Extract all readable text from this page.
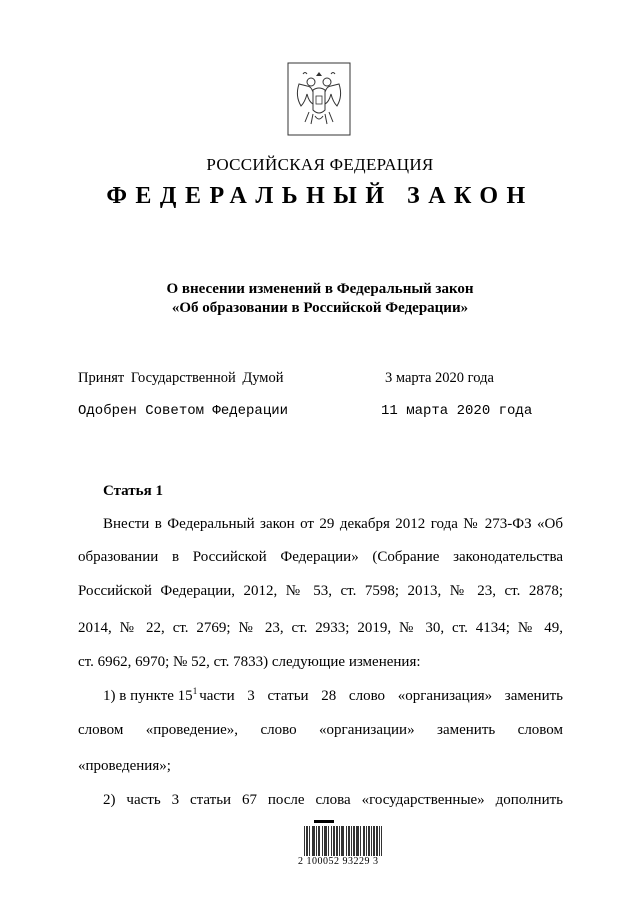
РОССИЙСКАЯ ФЕДЕРАЦИЯ
ФЕДЕРАЛЬНЫЙ ЗАКОН
О внесении изменений в Федеральный закон
«Об образовании в Российской Федерации»
Принят Государственной Думой	3 марта 2020 года
Одобрен Советом Федерации	11 марта 2020 года
Статья 1
Внести в Федеральный закон от 29 декабря 2012 года № 273-ФЗ «Об
образовании в Российской Федерации» (Собрание законодательства
Российской Федерации, 2012, № 53, ст. 7598; 2013, № 23, ст. 2878;
2014, № 22, ст. 2769; № 23, ст. 2933; 2019, № 30, ст. 4134; № 49,
ст. 6962, 6970; № 52, ст. 7833) следующие изменения:
1) в пункте $15^1$ части 3 статьи 28 слово «организация» заменить
словом «проведение», слово «организации» заменить словом
«проведения»;
2) часть 3 статьи 67 после слова «государственные» дополнить
2 100052 93229 3
